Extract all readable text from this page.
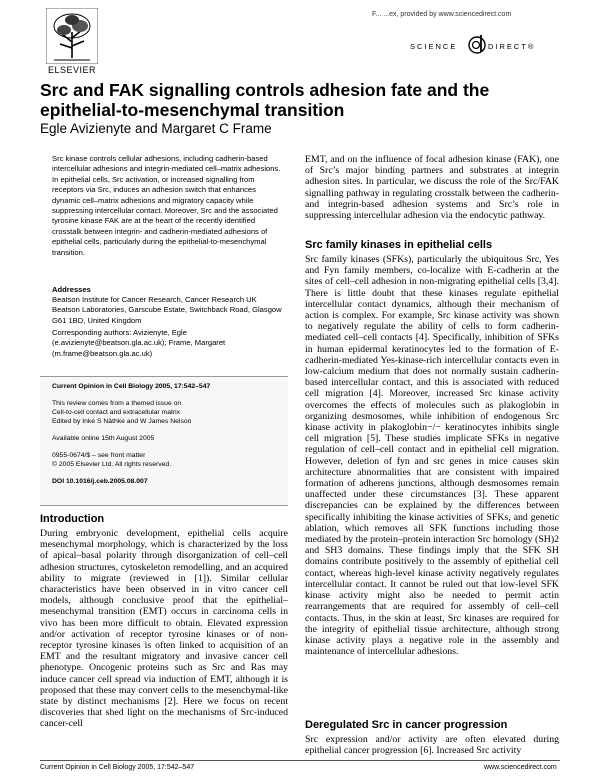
F... ...ex, provided by www.sciencedirect.com
ELSEVIER
SCIENCE	DIRECT®
Src and FAK signalling controls adhesion fate and the epithelial-to-mesenchymal transition
Egle Avizienyte and Margaret C Frame
Src kinase controls cellular adhesions, including cadherin-based intercellular adhesions and integrin-mediated cell–matrix adhesions. In epithelial cells, Src activation, or increased signalling from receptors via Src, induces an adhesion switch that enhances dynamic cell–matrix adhesions and migratory capacity while suppressing intercellular contact. Moreover, Src and the associated tyrosine kinase FAK are at the heart of the recently identified crosstalk between integrin- and cadherin-mediated adhesions of epithelial cells, particularly during the epithelial-to-mesenchymal transition.
Addresses
Beatson Institute for Cancer Research, Cancer Research UK Beatson Laboratories, Garscube Estate, Switchback Road, Glasgow G61 1BD, United Kingdom
Corresponding authors: Avizienyte, Egle (e.avizienyte@beatson.gla.ac.uk); Frame, Margaret (m.frame@beatson.gla.ac.uk)
Current Opinion in Cell Biology 2005, 17:542–547
This review comes from a themed issue on
Cell-to-cell contact and extracellular matrix
Edited by Inke S Näthke and W James Nelson
Available online 15th August 2005
0955-0674/$ – see front matter
© 2005 Elsevier Ltd. All rights reserved.
DOI 10.1016/j.ceb.2005.08.007
Introduction
During embryonic development, epithelial cells acquire mesenchymal morphology, which is characterized by the loss of apical–basal polarity through disorganization of cell–cell adhesion structures, cytoskeleton remodelling, and an acquired ability to migrate (reviewed in [1]). Similar cellular characteristics have been observed in in vitro cancer cell models, although conclusive proof that the epithelial–mesenchymal transition (EMT) occurs in carcinoma cells in vivo has been more difficult to obtain. Elevated expression and/or activation of receptor tyrosine kinases or of non-receptor tyrosine kinases is often linked to acquisition of an EMT and the resultant migratory and invasive cancer cell phenotype. Oncogenic proteins such as Src and Ras may induce cancer cell spread via induction of EMT, although it is proposed that these may convert cells to the mesenchymal-like state by distinct mechanisms [2]. Here we focus on recent discoveries that shed light on the mechanisms of Src-induced cancer-cell
EMT, and on the influence of focal adhesion kinase (FAK), one of Src’s major binding partners and substrates at integrin adhesion sites. In particular, we discuss the role of the Src/FAK signalling pathway in regulating crosstalk between the cadherin- and integrin-based adhesion systems and Src’s role in suppressing intercellular adhesion via the endocytic pathway.
Src family kinases in epithelial cells
Src family kinases (SFKs), particularly the ubiquitous Src, Yes and Fyn family members, co-localize with E-cadherin at the sites of cell–cell adhesion in non-migrating epithelial cells [3,4]. There is little doubt that these kinases regulate epithelial intercellular contact dynamics, although their mechanism of action is complex. For example, Src kinase activity was shown to negatively regulate the ability of cells to form cadherin-mediated cell–cell contacts [4]. Specifically, inhibition of SFKs in human epidermal keratinocytes led to the formation of E-cadherin-mediated Yes-kinase-rich intercellular contacts even in low-calcium medium that does not normally sustain cadherin-based intercellular contact, and this is associated with reduced cell migration [4]. Moreover, increased Src kinase activity overcomes the effects of molecules such as plakoglobin in organizing desmosomes, while inhibition of endogenous Src kinase activity in plakoglobin−/− keratinocytes inhibits single cell migration [5]. These studies implicate SFKs in negative regulation of cell–cell contact and in epithelial cell migration. However, deletion of fyn and src genes in mice causes skin architecture abnormalities that are consistent with impaired formation of adherens junctions, although desmosomes remain unaffected under these circumstances [3]. These apparent discrepancies can be explained by the differences between specifically inhibiting the kinase activities of SFKs, and genetic ablation, which removes all SFK functions including those mediated by the protein–protein interaction Src homology (SH)2 and SH3 domains. These findings imply that the SFK SH domains contribute positively to the assembly of epithelial cell contact, whereas high-level kinase activity negatively regulates intercellular contact. It cannot be ruled out that low-level SFK kinase activity might also be needed to permit actin rearrangements that are required for assembly of cell–cell contacts. Thus, in the skin at least, Src kinases are required for the integrity of epithelial tissue architecture, although strong kinase activity plays a negative role in the assembly and maintenance of intercellular adhesions.
Deregulated Src in cancer progression
Src expression and/or activity are often elevated during epithelial cancer progression [6]. Increased Src activity
Current Opinion in Cell Biology 2005, 17:542–547	www.sciencedirect.com
